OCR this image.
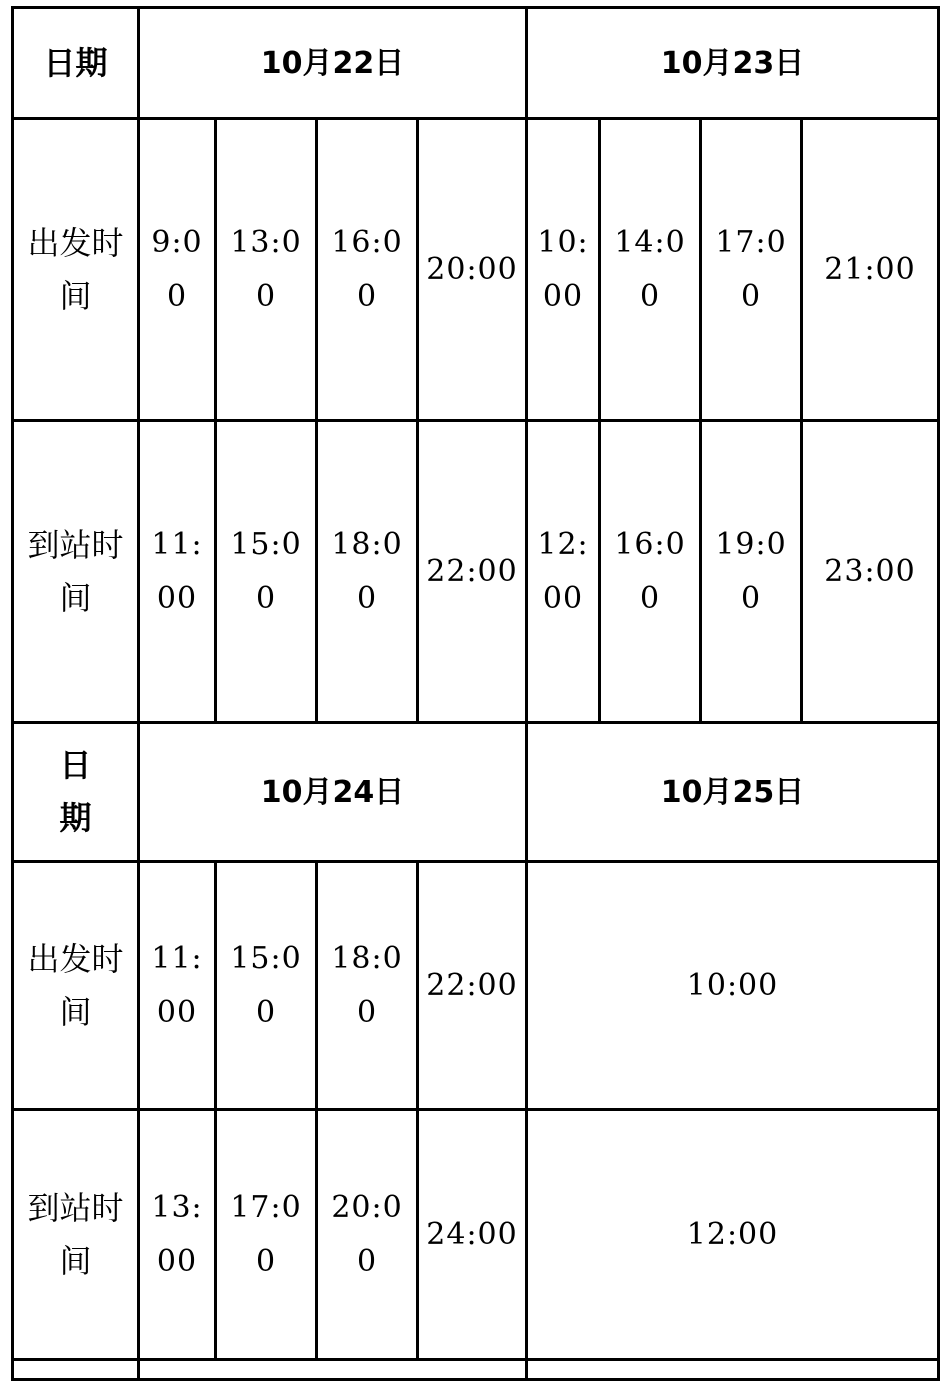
日期	10月22日				10月23日			
出发时间	9:00	13:00	16:00	20:00	10:00	14:00	17:00	21:00
到站时间	11:00	15:00	18:00	22:00	12:00	16:00	19:00	23:00
日期	10月24日				10月25日			
出发时间	11:00	15:00	18:00	22:00	10:00			
到站时间	13:00	17:00	20:00	24:00	12:00			
